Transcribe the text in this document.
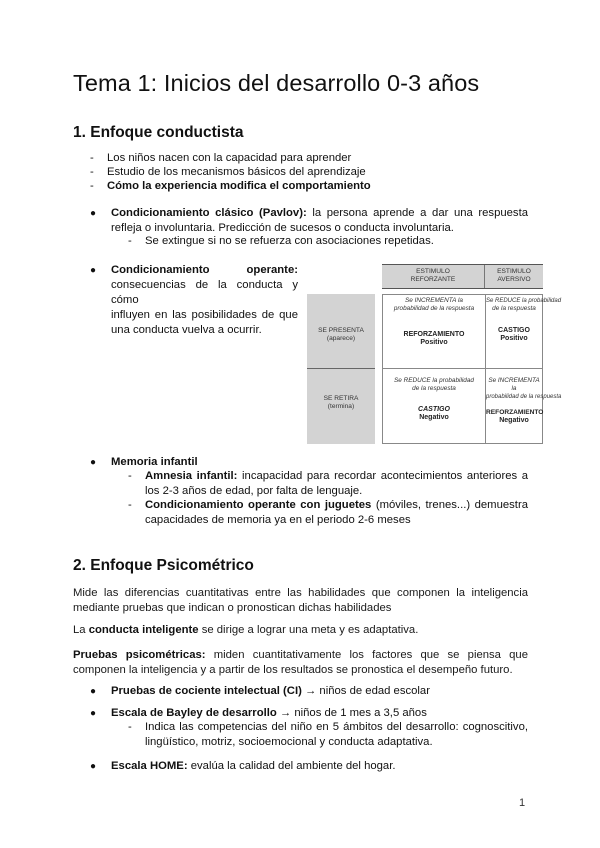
Tema 1: Inicios del desarrollo 0-3 años
1. Enfoque conductista
- Los niños nacen con la capacidad para aprender
- Estudio de los mecanismos básicos del aprendizaje
- Cómo la experiencia modifica el comportamiento
● Condicionamiento clásico (Pavlov): la persona aprende a dar una respuesta
refleja o involuntaria. Predicción de sucesos o conducta involuntaria.
- Se extingue si no se refuerza con asociaciones repetidas.
● Condicionamiento	operante:
consecuencias de la conducta y cómo
influyen en las posibilidades de que
una conducta vuelva a ocurrir.
ESTIMULO
REFORZANTE
ESTIMULO
AVERSIVO
SE PRESENTA
(aparece)
SE RETIRA
(termina)
Se INCREMENTA la
probabilidad de la respuesta
REFORZAMIENTO
Positivo
Se REDUCE la probabilidad
de la respuesta
CASTIGO
Positivo
Se REDUCE la probabilidad
de la respuesta
CASTIGO
Negativo
Se INCREMENTA la
probabilidad de la respuesta
REFORZAMIENTO
Negativo
● Memoria infantil
- Amnesia infantil: incapacidad para recordar acontecimientos anteriores a
los 2-3 años de edad, por falta de lenguaje.
- Condicionamiento operante con juguetes (móviles, trenes...) demuestra
capacidades de memoria ya en el periodo 2-6 meses
2. Enfoque Psicométrico
Mide las diferencias cuantitativas entre las habilidades que componen la inteligencia
mediante pruebas que indican o pronostican dichas habilidades
La conducta inteligente se dirige a lograr una meta y es adaptativa.
Pruebas psicométricas: miden cuantitativamente los factores que se piensa que
componen la inteligencia y a partir de los resultados se pronostica el desempeño futuro.
● Pruebas de cociente intelectual (CI) → niños de edad escolar
● Escala de Bayley de desarrollo → niños de 1 mes a 3,5 años
- Indica las competencias del niño en 5 ámbitos del desarrollo: cognoscitivo,
lingüístico, motriz, socioemocional y conducta adaptativa.
● Escala HOME: evalúa la calidad del ambiente del hogar.
1
